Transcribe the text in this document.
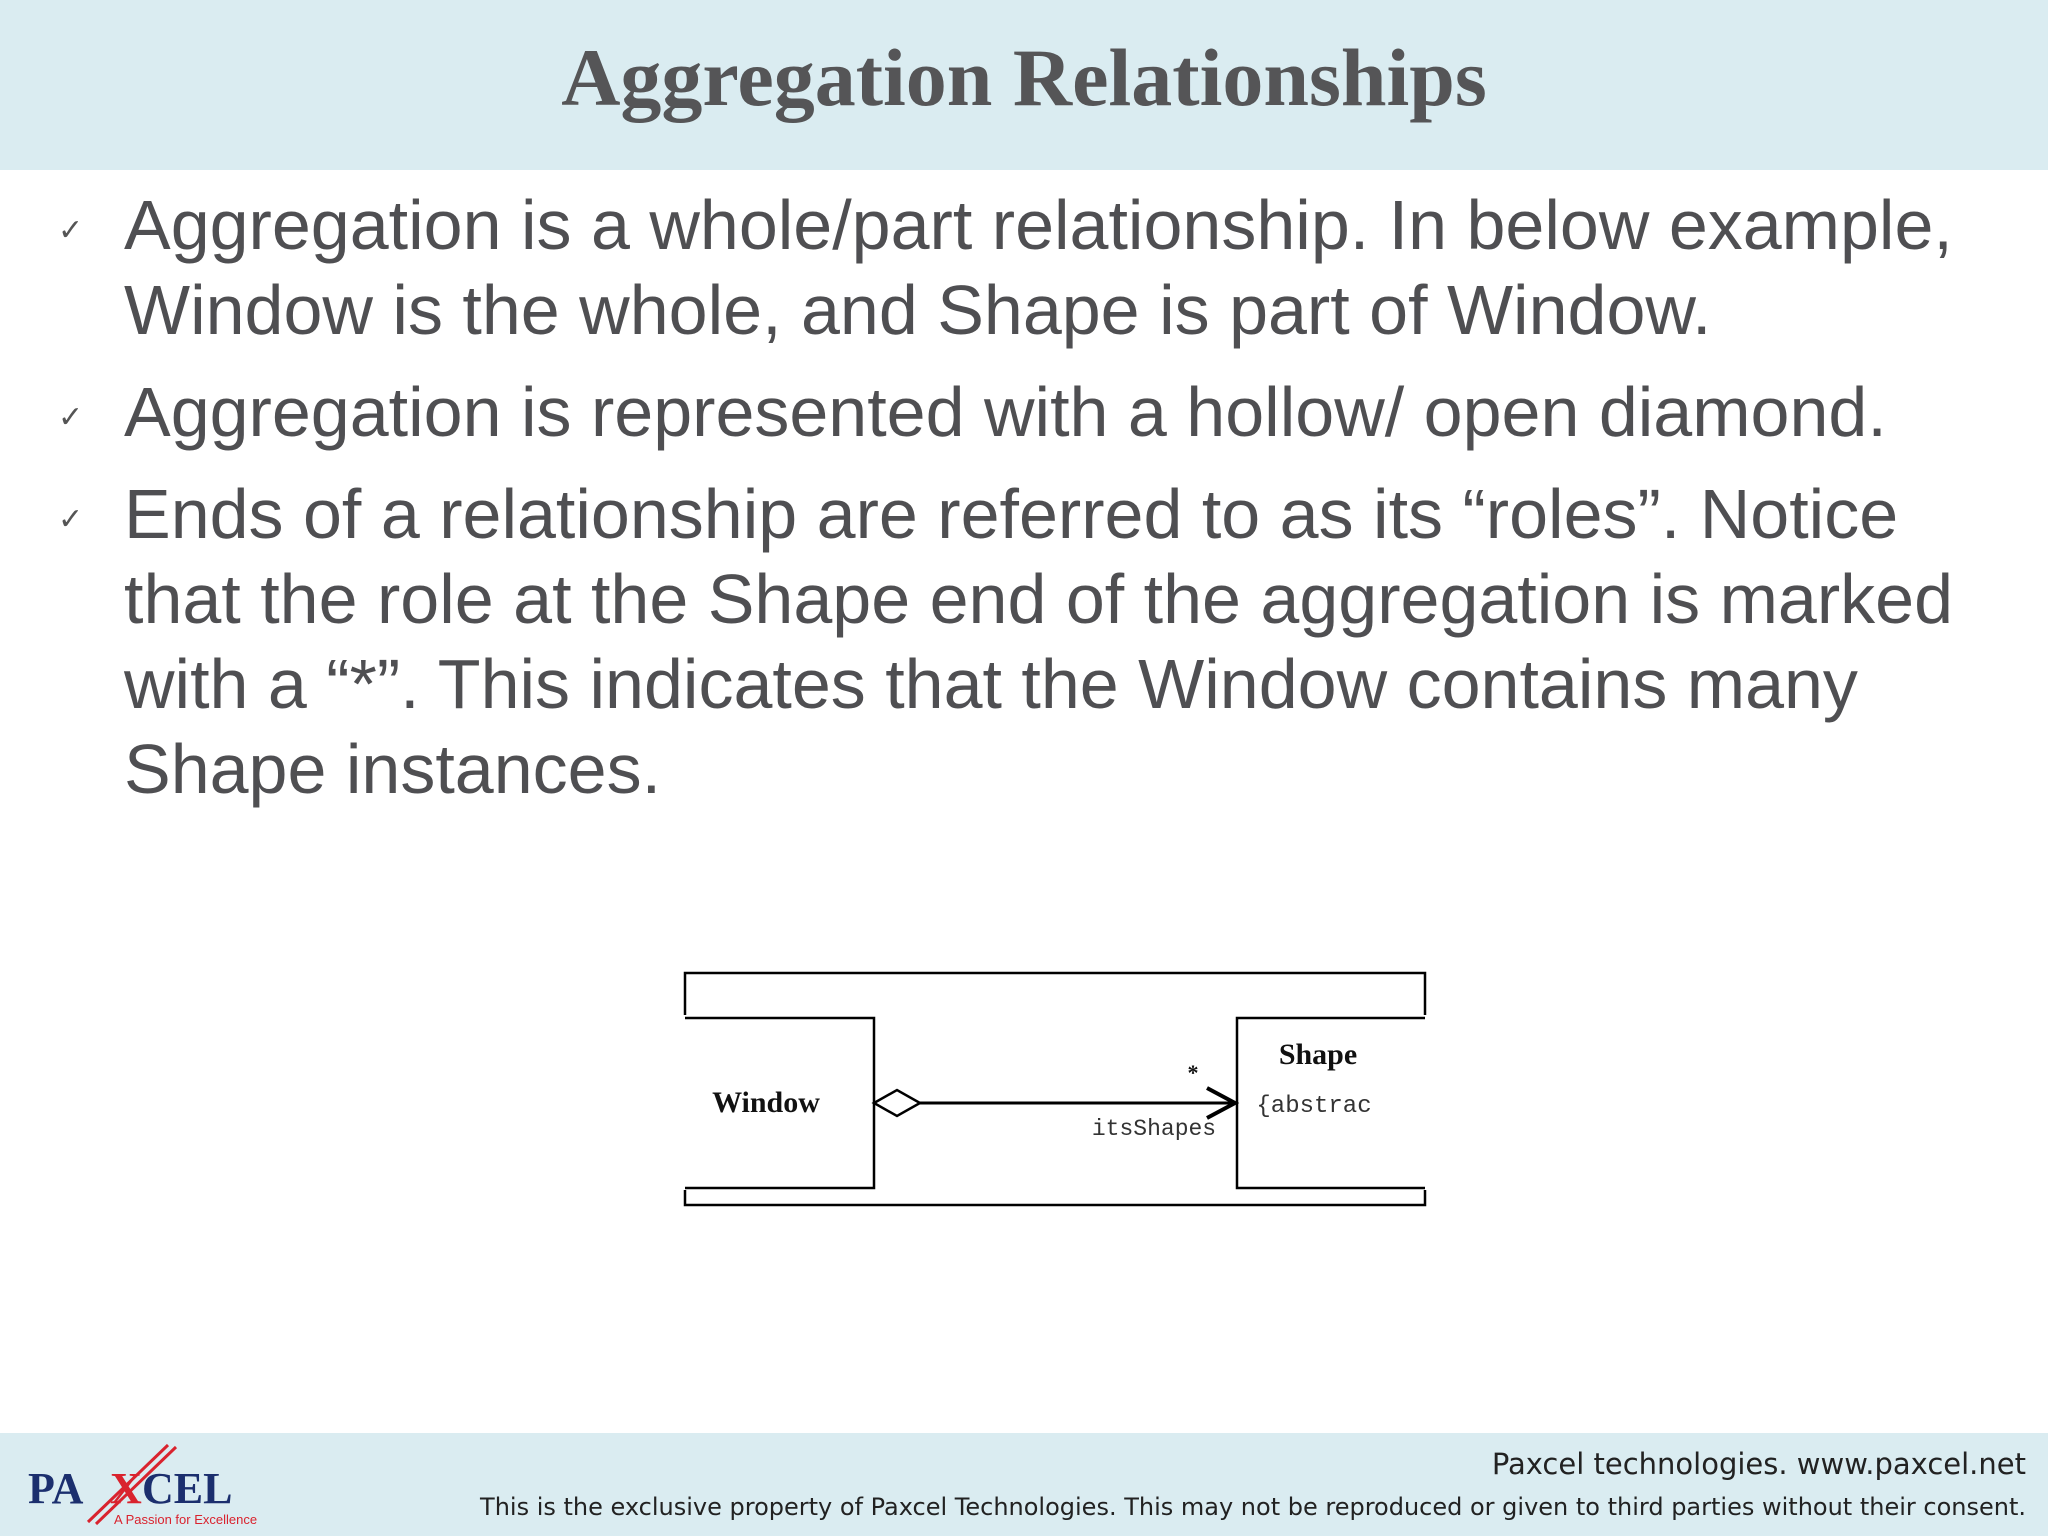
Aggregation Relationships
✓ Aggregation is a whole/part relationship. In below example, Window is the whole, and Shape is part of Window.
✓ Aggregation is represented with a hollow/ open diamond.
✓ Ends of a relationship are referred to as its “roles”. Notice that the role at the Shape end of the aggregation is marked with a “*”. This indicates that the Window contains many Shape instances.
Window
Shape
{abstrac
*
itsShapes
PA X CEL
A Passion for Excellence
Paxcel technologies. www.paxcel.net
This is the exclusive property of Paxcel Technologies. This may not be reproduced or given to third parties without their consent.
